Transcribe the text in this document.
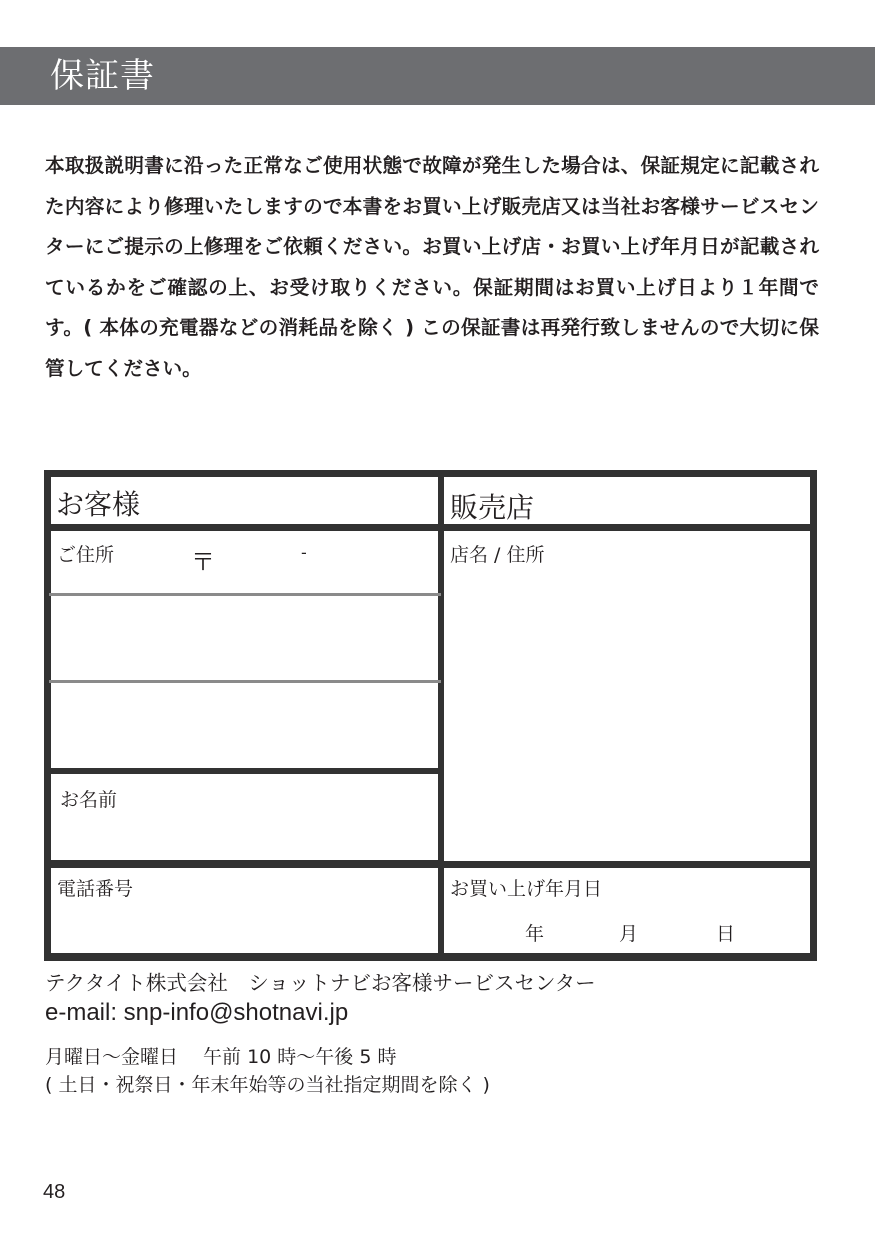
保証書
本取扱説明書に沿った正常なご使用状態で故障が発生した場合は、保証規定に記載された内容により修理いたしますので本書をお買い上げ販売店又は当社お客様サービスセンターにご提示の上修理をご依頼ください。お買い上げ店・お買い上げ年月日が記載されているかをご確認の上、お受け取りください。保証期間はお買い上げ日より１年間です。( 本体の充電器などの消耗品を除く ) この保証書は再発行致しませんので大切に保管してください。
お客様	販売店
ご住所	〒	-	店名 / 住所
お名前
電話番号	お買い上げ年月日
年	月	日
テクタイト株式会社　ショットナビお客様サービスセンター
e-mail: snp-info@shotnavi.jp
月曜日～金曜日　 午前 10 時～午後 5 時
( 土日・祝祭日・年末年始等の当社指定期間を除く )
48
